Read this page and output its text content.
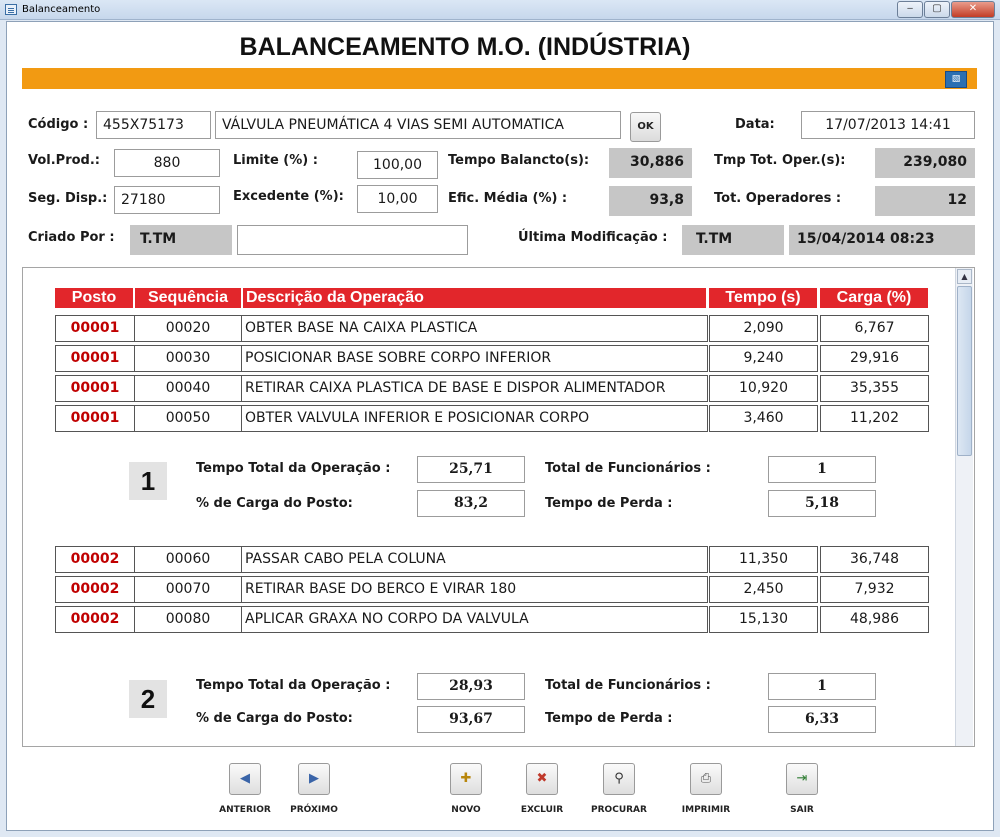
Balanceamento	‒	▢	✕
BALANCEAMENTO M.O. (INDÚSTRIA)
▧
Código :	455X75173	VÁLVULA PNEUMÁTICA 4 VIAS SEMI AUTOMATICA	OK	Data:	17/07/2013 14:41
Vol.Prod.:	880	Limite (%) :	100,00	Tempo Balancto(s):	30,886	Tmp Tot. Oper.(s):	239,080
Seg. Disp.: 27180	Excedente (%):	10,00	Efic. Média (%) :	93,8	Tot. Operadores :	12
Criado Por :	T.TM	Última Modificação :	T.TM	15/04/2014 08:23
▲
Posto	Sequência	Descrição da Operação	Tempo (s)	Carga (%)
00001	00020	OBTER BASE NA CAIXA PLASTICA	2,090	6,767
00001	00030	POSICIONAR BASE SOBRE CORPO INFERIOR	9,240	29,916
00001	00040	RETIRAR CAIXA PLASTICA DE BASE E DISPOR ALIMENTADOR	10,920	35,355
00001	00050	OBTER VALVULA INFERIOR E POSICIONAR CORPO	3,460	11,202
1	Tempo Total da Operação :	25,71	Total de Funcionários :	1
% de Carga do Posto:	83,2	Tempo de Perda :	5,18
00002	00060	PASSAR CABO PELA COLUNA	11,350	36,748
00002	00070	RETIRAR BASE DO BERCO E VIRAR 180	2,450	7,932
00002	00080	APLICAR GRAXA NO CORPO DA VALVULA	15,130	48,986
2	Tempo Total da Operação :	28,93	Total de Funcionários :	1
% de Carga do Posto:	93,67	Tempo de Perda :	6,33
◀
ANTERIOR
▶
PRÓXIMO
✚
NOVO
✖
EXCLUIR
⚲
PROCURAR
⎙
IMPRIMIR
⇥
SAIR
